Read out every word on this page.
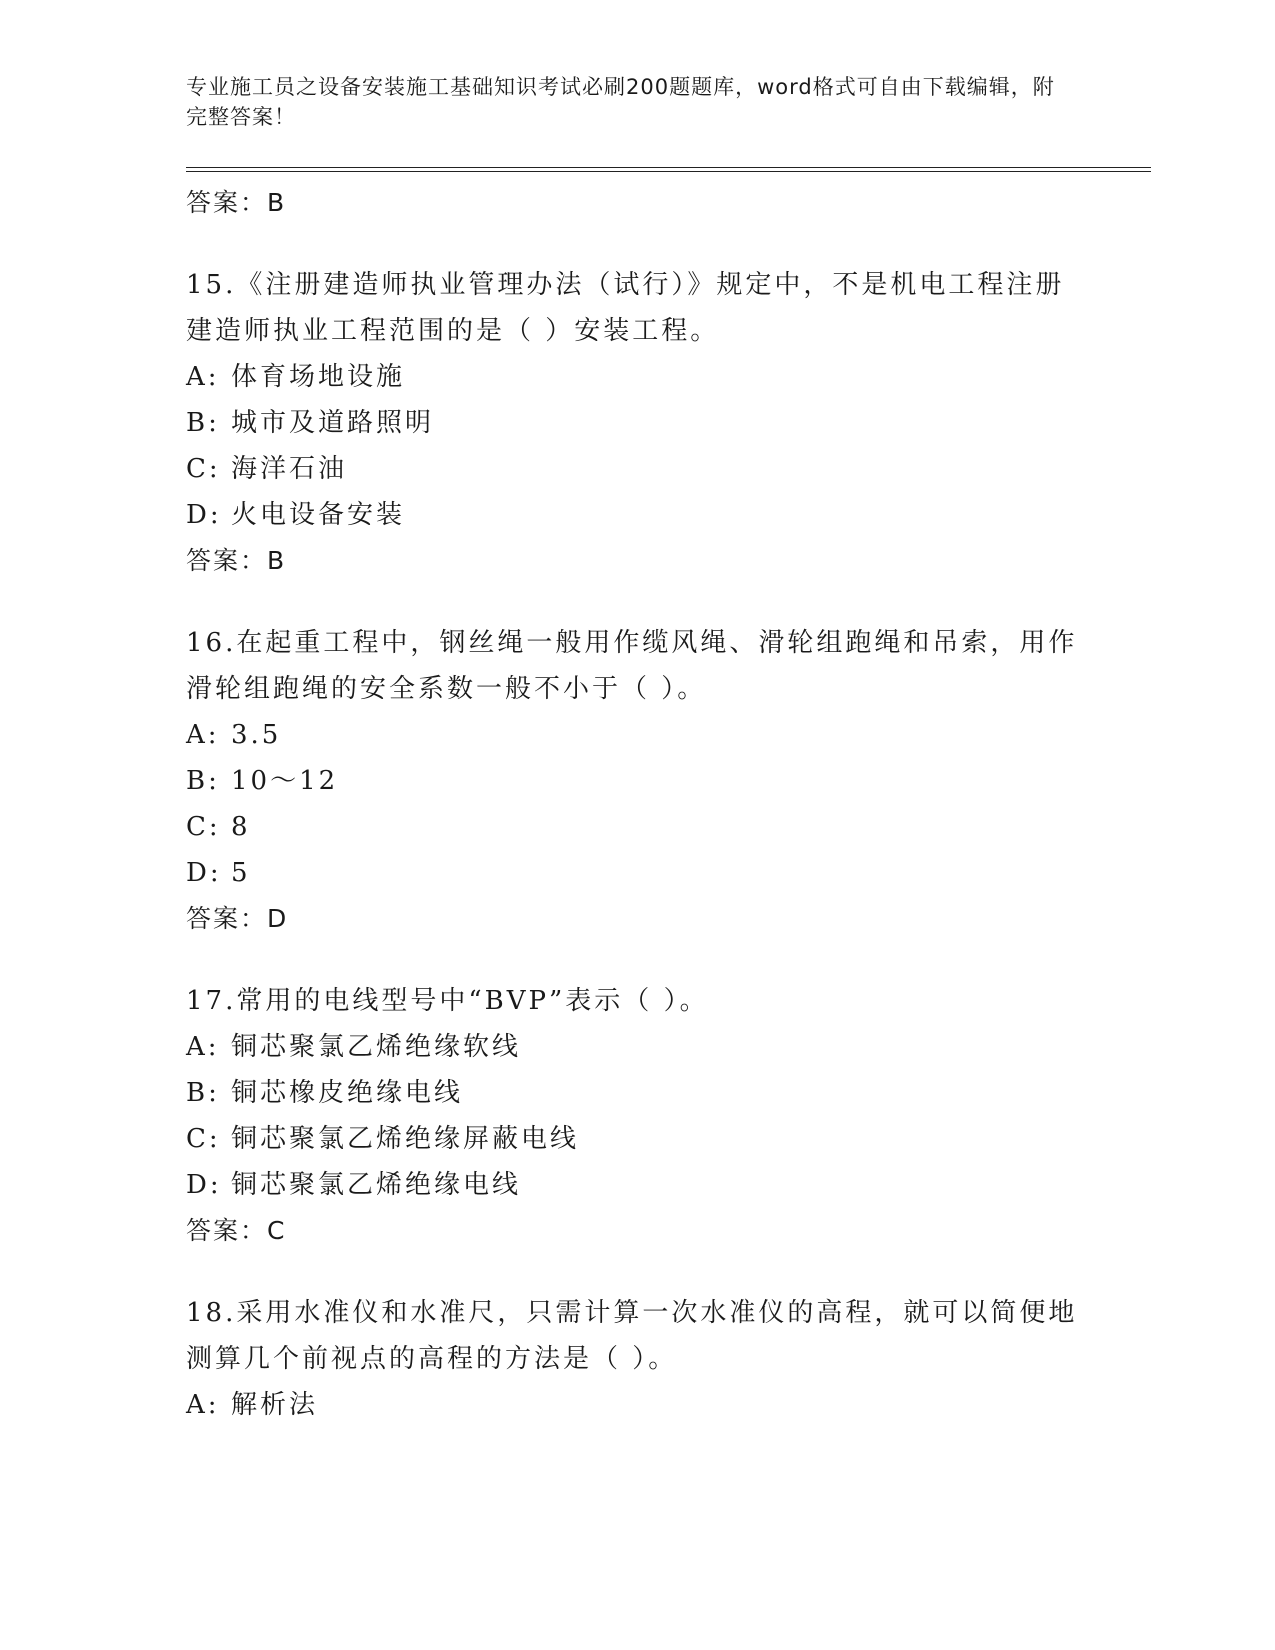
专业施工员之设备安装施工基础知识考试必刷200题题库，word格式可自由下载编辑，附完整答案！

答案：B

15.《注册建造师执业管理办法（试行）》规定中，不是机电工程注册建造师执业工程范围的是（ ）安装工程。

A: 体育场地设施

B: 城市及道路照明

C: 海洋石油

D: 火电设备安装

答案：B

16.在起重工程中，钢丝绳一般用作缆风绳、滑轮组跑绳和吊索，用作滑轮组跑绳的安全系数一般不小于（ ）。

A: 3.5

B: 10～12

C: 8

D: 5

答案：D

17.常用的电线型号中“BVP”表示（ ）。

A: 铜芯聚氯乙烯绝缘软线

B: 铜芯橡皮绝缘电线

C: 铜芯聚氯乙烯绝缘屏蔽电线

D: 铜芯聚氯乙烯绝缘电线

答案：C

18.采用水准仪和水准尺，只需计算一次水准仪的高程，就可以简便地测算几个前视点的高程的方法是（ ）。

A: 解析法
